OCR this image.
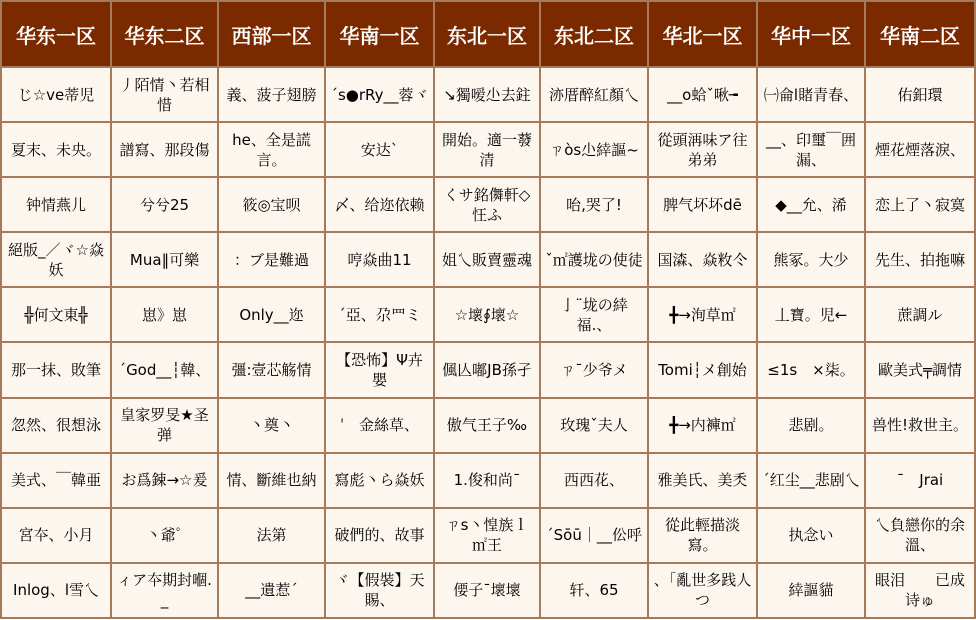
华东一区	华东二区	西部一区	华南一区	东北一区	东北二区	华北一区	华中一区	华南二区
じ☆ve蒂児	丿陌情丶若相惜	義、菠子翅膀	ˊs●rRy__蓉ヾ	↘獨嗳尐去鉒	洂厝醉紅顏乀	__o蛤ˇ啾╼	㈠侖l賭青春、	佑鈤環
夏末、未央。	譜寫、那段傷	he、全是謊言。	安达`	開始。適一蕟清	ㄗòs尐緈謳~	從頭洅味ア往弟弟	__、印璽￣囲漏、	煙花煙落淚、
钟情燕儿	兮兮25	筱◎宝呗	〆、给迩依赖	くサ銘儛軒◇忹ふ	咍,哭了!	脾气坏坏dē	◆__允、浠	恋上了丶寂寞
絕版_／ヾ☆焱妖	Mua‖可樂	：ブ是難過	哼焱曲11	姐乀販賣靈魂	ˇ㎡護垅の使徒	国潹、焱敉仒	熊冢。大少	先生、拍拖嘛
╬何文東╬	崽》崽	Only__迩	ˊ亞、尕罒ミ	☆壞∮壞☆	亅¨垅の緈福.、	╋→洵草㎡	丄寶。児←	蔗調ル
那一抹、敗筆	ˊGod__┆韓、	彊:壹芯觞情	【恐怖】Ψ卉嬰	偑亾嘟JB孫孑	ㄗˉ少爷メ	Tomi┆メ創始	≤1s　×柒。	歐美式╤調情
忽然、很想泳	皇家罗旻★圣弹	丶奠丶	ˈ　金絲草、	傲气王子‰	玫瑰ˇ夫人	╋→内褲㎡	悲剧。	兽性!救世主。
美式、￣韓亜	お爲鋉→☆爰	情、斷維也納	寫彪丶ら焱妖	1.俊和尚ˉ	西西花、	雅美氏、美秂	ˊ红尘__悲剧乀	ˉ　Jrai
宮夲、小月	丶爺ﾟ	法第	破們的、故事	ㄗs丶惶族ｌ㎡王	ˊSōū｜__伀呼	從此輕描淡寫。	执念い	乀負戀你的余溫、
Inlog、l雪乀	ィア夲期封嗰._	__遺惹ˊ	ヾ【假裝】天賜、	偠子ˉ壞壞	轩、65	、「亂世多践人つ	緈謳貓	眼泪　　已成诗ゅ
